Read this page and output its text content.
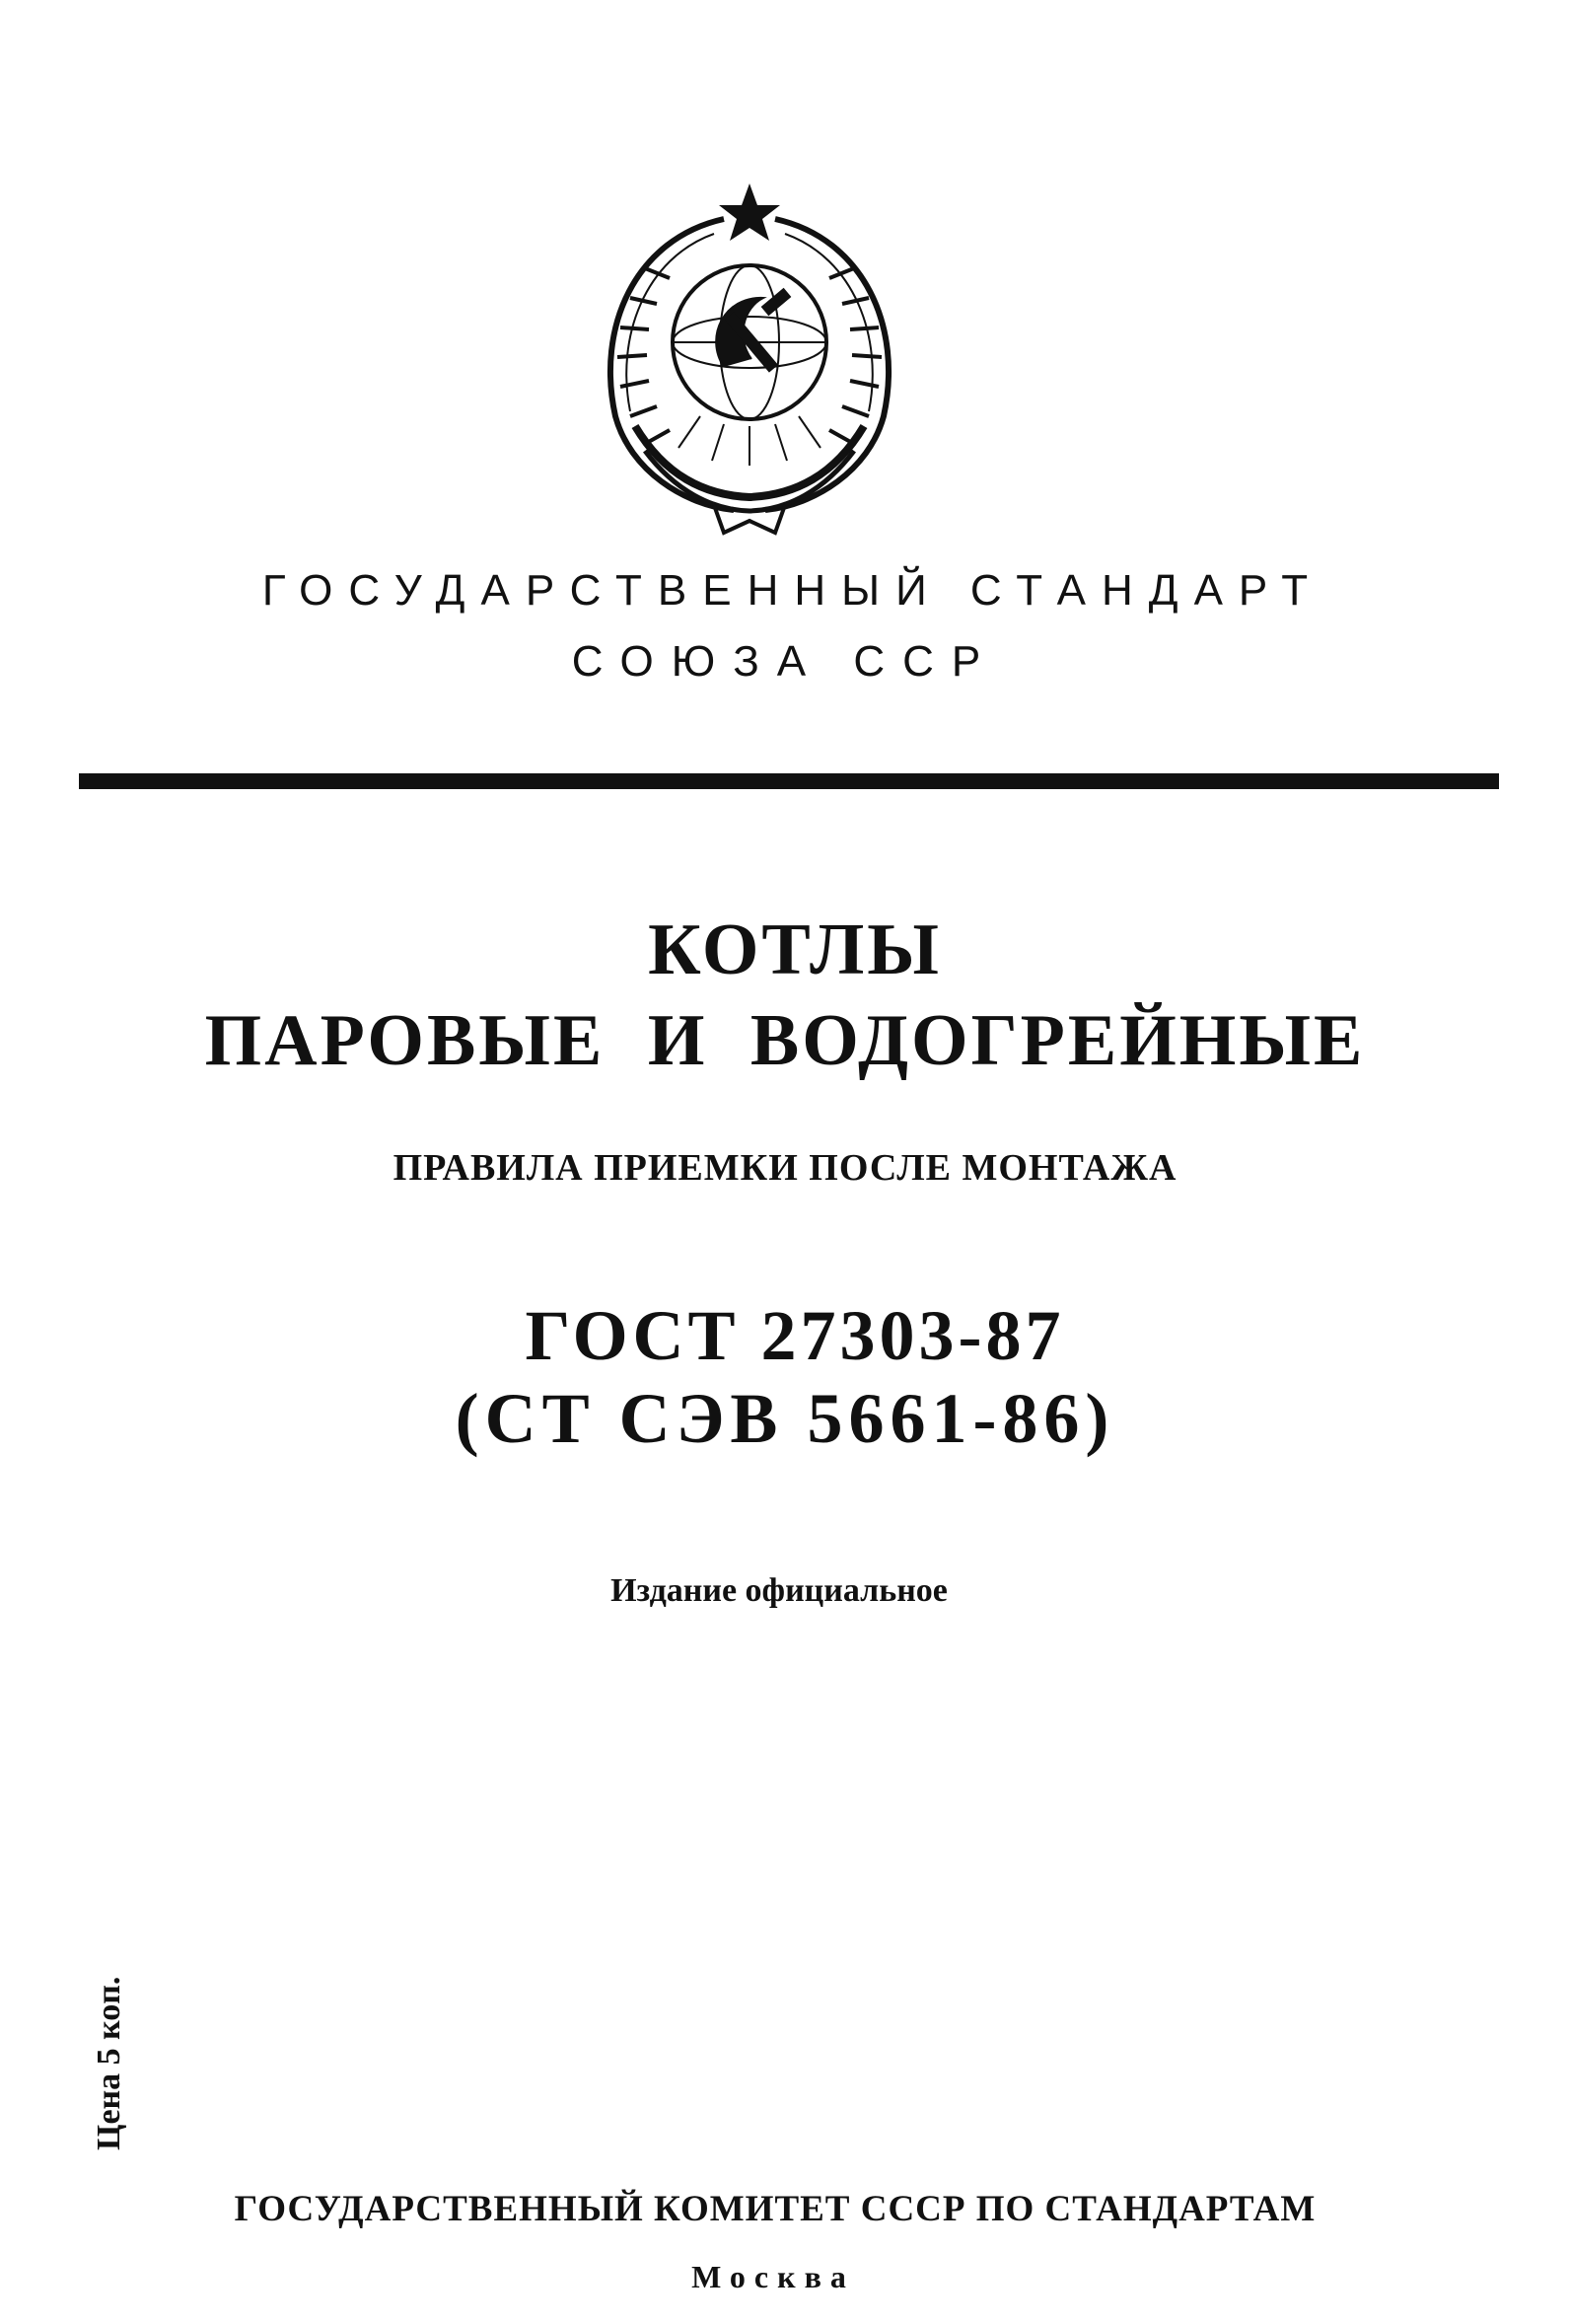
ГОСУДАРСТВЕННЫЙ СТАНДАРТ
СОЮЗА ССР
КОТЛЫ
ПАРОВЫЕ И ВОДОГРЕЙНЫЕ
ПРАВИЛА ПРИЕМКИ ПОСЛЕ МОНТАЖА
ГОСТ 27303-87
(СТ СЭВ 5661-86)
Издание официальное
Цена 5 коп.
ГОСУДАРСТВЕННЫЙ КОМИТЕТ СССР ПО СТАНДАРТАМ
Москва
